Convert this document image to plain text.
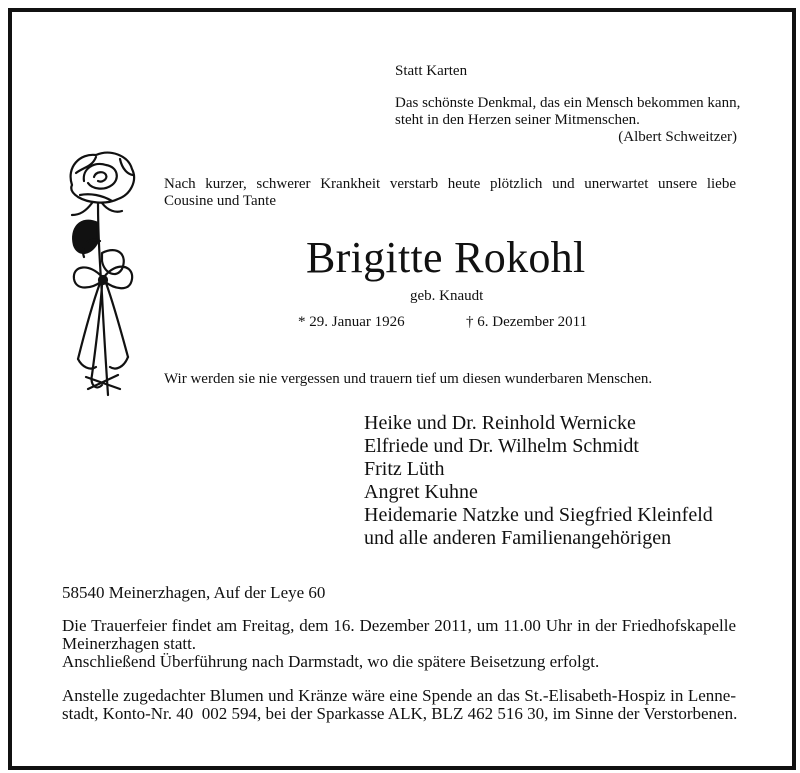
Statt Karten
Das schönste Denkmal, das ein Mensch bekommen kann,
steht in den Herzen seiner Mitmenschen.
(Albert Schweitzer)
Nach kurzer, schwerer Krankheit verstarb heute plötzlich und unerwartet unsere liebe
Cousine und Tante
Brigitte Rokohl
geb. Knaudt
* 29. Januar 1926	† 6. Dezember 2011
Wir werden sie nie vergessen und trauern tief um diesen wunderbaren Menschen.
Heike und Dr. Reinhold Wernicke
Elfriede und Dr. Wilhelm Schmidt
Fritz Lüth
Angret Kuhne
Heidemarie Natzke und Siegfried Kleinfeld
und alle anderen Familienangehörigen
58540 Meinerzhagen, Auf der Leye 60
Die Trauerfeier findet am Freitag, dem 16. Dezember 2011, um 11.00 Uhr in der Friedhofskapelle
Meinerzhagen statt.
Anschließend Überführung nach Darmstadt, wo die spätere Beisetzung erfolgt.
Anstelle zugedachter Blumen und Kränze wäre eine Spende an das St.-Elisabeth-Hospiz in Lenne-
stadt, Konto-Nr. 40  002 594, bei der Sparkasse ALK, BLZ 462 516 30, im Sinne der Verstorbenen.
